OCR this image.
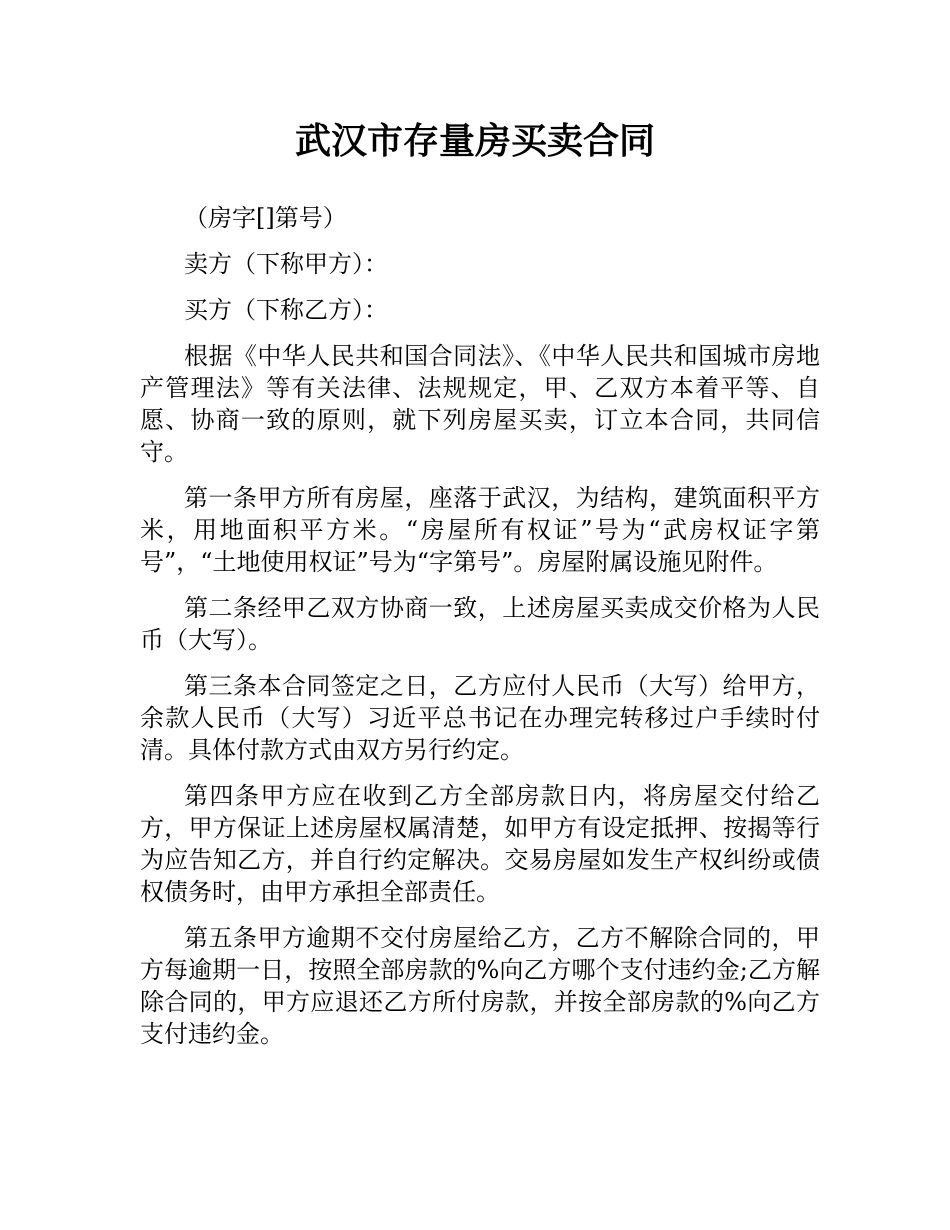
武汉市存量房买卖合同

（房字[]第号）

卖方（下称甲方）：

买方（下称乙方）：

根据《中华人民共和国合同法》、《中华人民共和国城市房地产管理法》等有关法律、法规规定，甲、乙双方本着平等、自愿、协商一致的原则，就下列房屋买卖，订立本合同，共同信守。

第一条甲方所有房屋，座落于武汉，为结构，建筑面积平方米，用地面积平方米。“房屋所有权证”号为“武房权证字第号”，“土地使用权证”号为“字第号”。房屋附属设施见附件。

第二条经甲乙双方协商一致，上述房屋买卖成交价格为人民币（大写）。

第三条本合同签定之日，乙方应付人民币（大写）给甲方，余款人民币（大写）习近平总书记在办理完转移过户手续时付清。具体付款方式由双方另行约定。

第四条甲方应在收到乙方全部房款日内，将房屋交付给乙方，甲方保证上述房屋权属清楚，如甲方有设定抵押、按揭等行为应告知乙方，并自行约定解决。交易房屋如发生产权纠纷或债权债务时，由甲方承担全部责任。

第五条甲方逾期不交付房屋给乙方，乙方不解除合同的，甲方每逾期一日，按照全部房款的%向乙方哪个支付违约金;乙方解除合同的，甲方应退还乙方所付房款，并按全部房款的%向乙方支付违约金。
